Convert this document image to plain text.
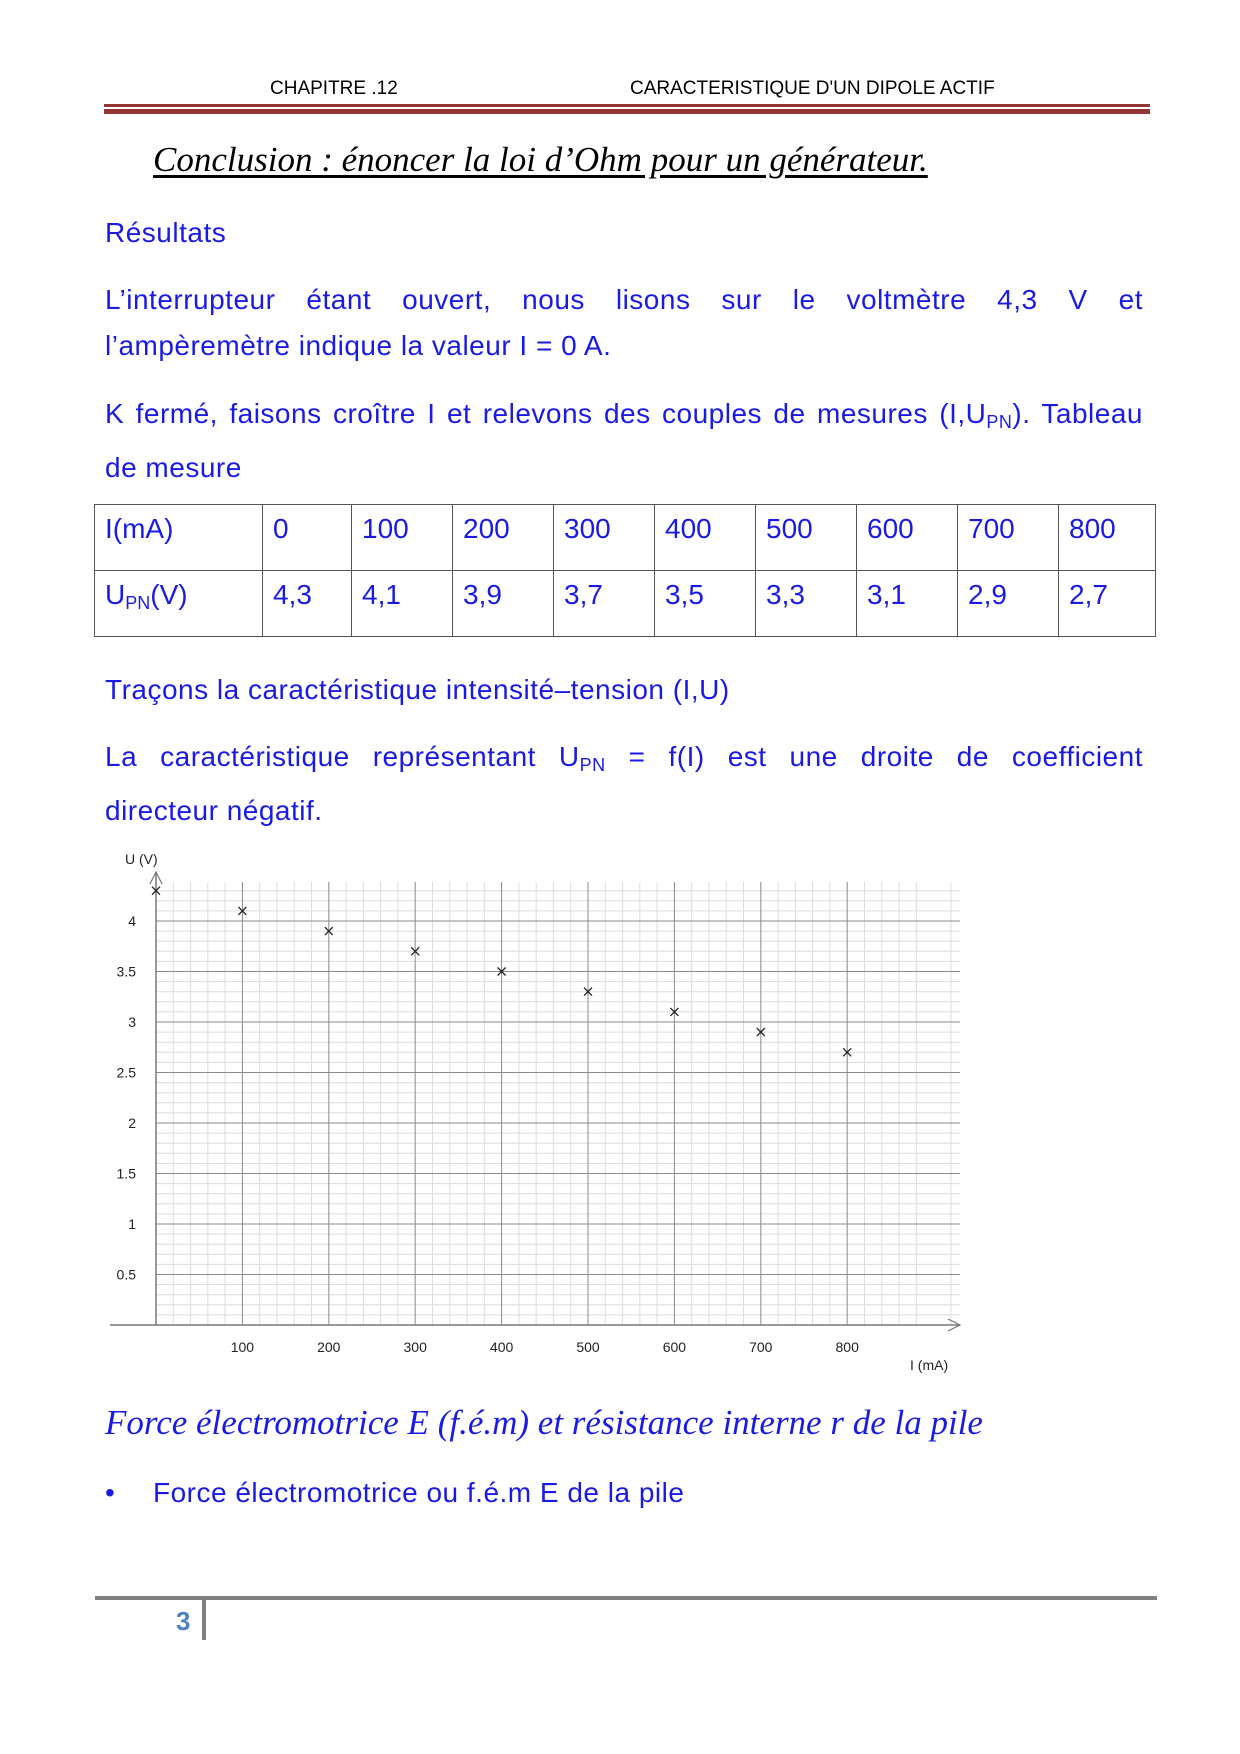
CHAPITRE .12	CARACTERISTIQUE D'UN DIPOLE ACTIF
Conclusion : énoncer la loi d’Ohm pour un générateur.
Résultats
L’interrupteur étant ouvert, nous lisons sur le voltmètre 4,3 V et
l’ampèremètre indique la valeur I = 0 A.
K fermé, faisons croître I et relevons des couples de mesures $(I,U_{PN})$. Tableau
de mesure
I(mA)	0	100	200	300	400	500	600	700	800
$U_{PN}(V)$	4,3	4,1	3,9	3,7	3,5	3,3	3,1	2,9	2,7
Traçons la caractéristique intensité–tension (I,U)
La caractéristique représentant $U_{PN} = f(I)$ est une droite de coefficient
directeur négatif.
0.5
1
1.5
2
2.5
3
3.5
4
100	200	300	400	500	600	700	800
U (V)
I (mA)
Force électromotrice E (f.é.m) et résistance interne r de la pile
• Force électromotrice ou f.é.m E de la pile
3
